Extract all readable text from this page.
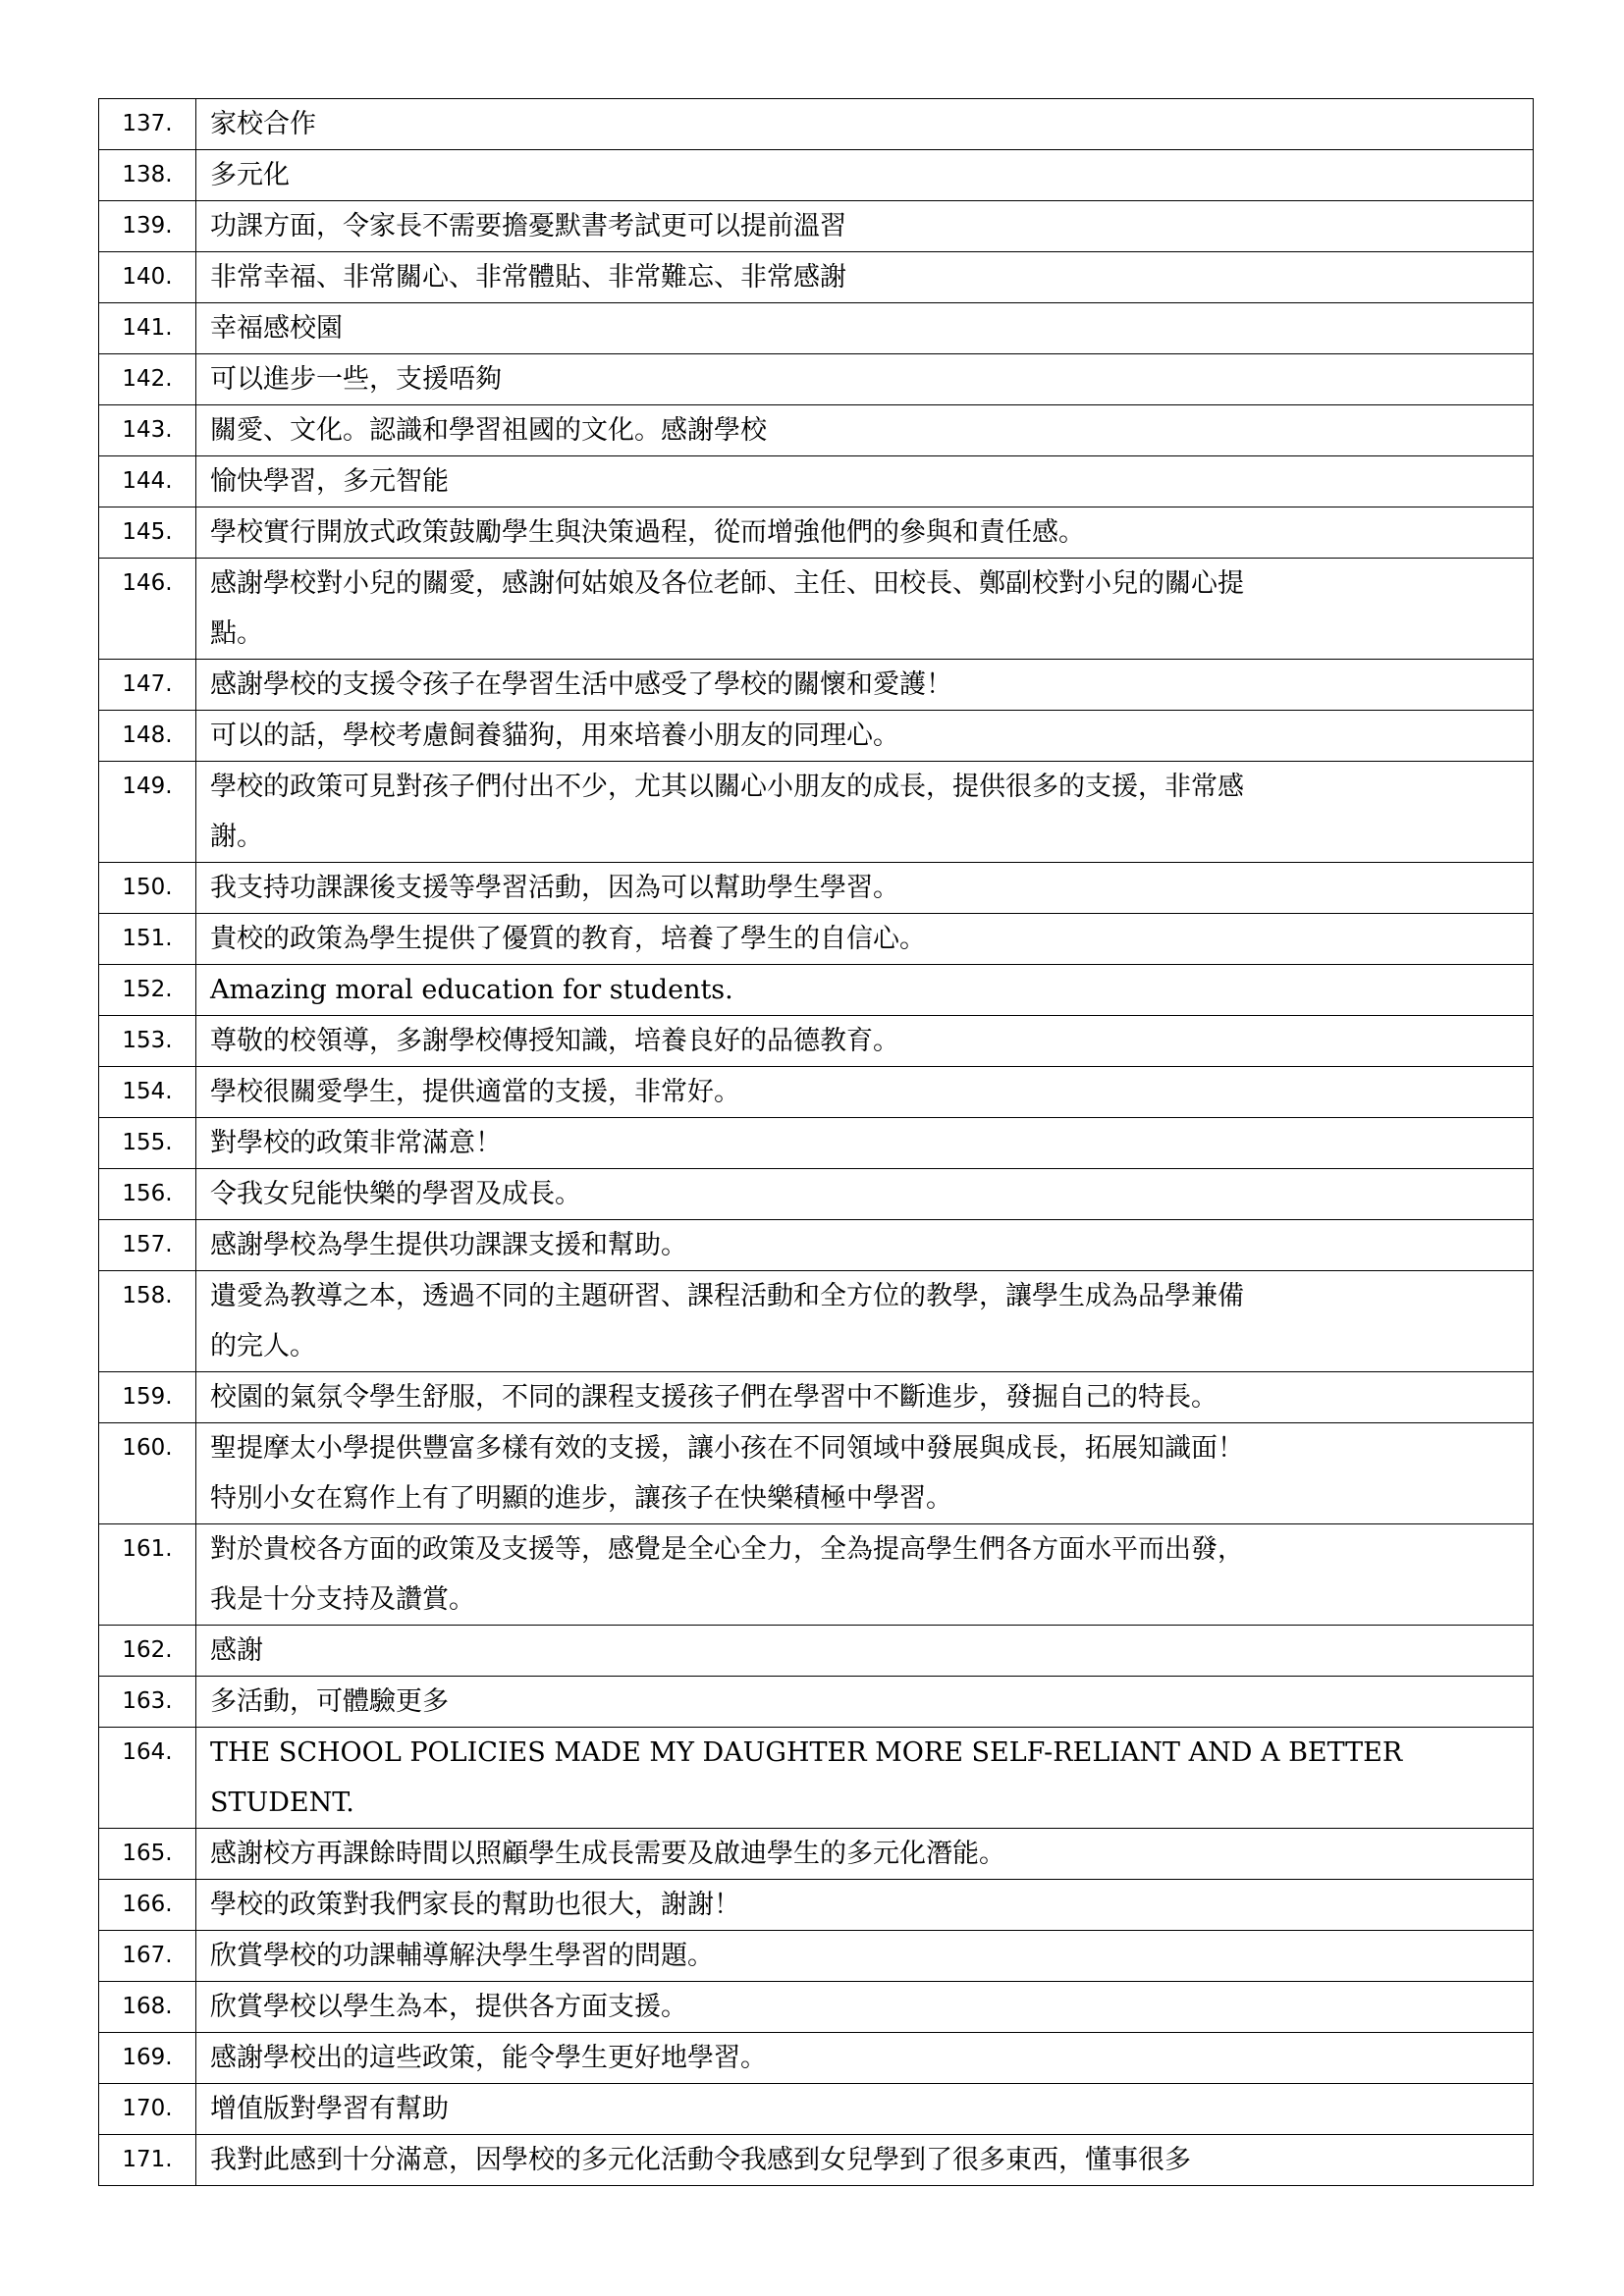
137.	家校合作

138.	多元化

139.	功課方面，令家長不需要擔憂默書考試更可以提前溫習

140.	非常幸福、非常關心、非常體貼、非常難忘、非常感謝

141.	幸福感校園

142.	可以進步一些，支援唔夠

143.	關愛、文化。認識和學習祖國的文化。感謝學校

144.	愉快學習，多元智能

145.	學校實行開放式政策鼓勵學生與決策過程，從而增強他們的參與和責任感。

146.	感謝學校對小兒的關愛，感謝何姑娘及各位老師、主任、田校長、鄭副校對小兒的關心提
點。

147.	感謝學校的支援令孩子在學習生活中感受了學校的關懷和愛護！

148.	可以的話，學校考慮飼養貓狗，用來培養小朋友的同理心。

149.	學校的政策可見對孩子們付出不少，尤其以關心小朋友的成長，提供很多的支援，非常感
謝。

150.	我支持功課課後支援等學習活動，因為可以幫助學生學習。

151.	貴校的政策為學生提供了優質的教育，培養了學生的自信心。

152.	Amazing moral education for students.

153.	尊敬的校領導，多謝學校傳授知識，培養良好的品德教育。

154.	學校很關愛學生，提供適當的支援，非常好。

155.	對學校的政策非常滿意！

156.	令我女兒能快樂的學習及成長。

157.	感謝學校為學生提供功課課支援和幫助。

158.	遺愛為教導之本，透過不同的主題研習、課程活動和全方位的教學，讓學生成為品學兼備
的完人。

159.	校園的氣氛令學生舒服，不同的課程支援孩子們在學習中不斷進步，發掘自己的特長。

160.	聖提摩太小學提供豐富多樣有效的支援，讓小孩在不同領域中發展與成長，拓展知識面！
特別小女在寫作上有了明顯的進步，讓孩子在快樂積極中學習。

161.	對於貴校各方面的政策及支援等，感覺是全心全力，全為提高學生們各方面水平而出發，
我是十分支持及讚賞。

162.	感謝

163.	多活動，可體驗更多

164.	THE SCHOOL POLICIES MADE MY DAUGHTER MORE SELF-RELIANT AND A BETTER
STUDENT.

165.	感謝校方再課餘時間以照顧學生成長需要及啟迪學生的多元化潛能。

166.	學校的政策對我們家長的幫助也很大，謝謝！

167.	欣賞學校的功課輔導解決學生學習的問題。

168.	欣賞學校以學生為本，提供各方面支援。

169.	感謝學校出的這些政策，能令學生更好地學習。

170.	增值版對學習有幫助

171.	我對此感到十分滿意，因學校的多元化活動令我感到女兒學到了很多東西，懂事很多
